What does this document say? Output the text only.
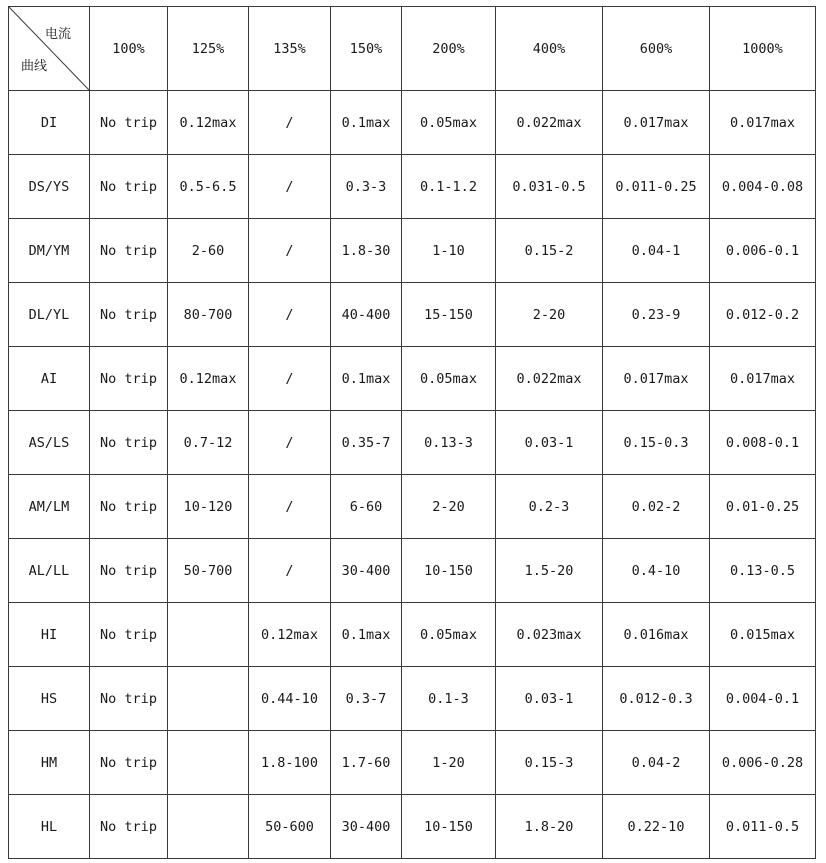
电流
曲线	100%	125%	135%	150%	200%	400%	600%	1000%
DI	No trip	0.12max	/	0.1max	0.05max	0.022max	0.017max	0.017max
DS/YS	No trip	0.5-6.5	/	0.3-3	0.1-1.2	0.031-0.5	0.011-0.25	0.004-0.08
DM/YM	No trip	2-60	/	1.8-30	1-10	0.15-2	0.04-1	0.006-0.1
DL/YL	No trip	80-700	/	40-400	15-150	2-20	0.23-9	0.012-0.2
AI	No trip	0.12max	/	0.1max	0.05max	0.022max	0.017max	0.017max
AS/LS	No trip	0.7-12	/	0.35-7	0.13-3	0.03-1	0.15-0.3	0.008-0.1
AM/LM	No trip	10-120	/	6-60	2-20	0.2-3	0.02-2	0.01-0.25
AL/LL	No trip	50-700	/	30-400	10-150	1.5-20	0.4-10	0.13-0.5
HI	No trip		0.12max	0.1max	0.05max	0.023max	0.016max	0.015max
HS	No trip		0.44-10	0.3-7	0.1-3	0.03-1	0.012-0.3	0.004-0.1
HM	No trip		1.8-100	1.7-60	1-20	0.15-3	0.04-2	0.006-0.28
HL	No trip		50-600	30-400	10-150	1.8-20	0.22-10	0.011-0.5
